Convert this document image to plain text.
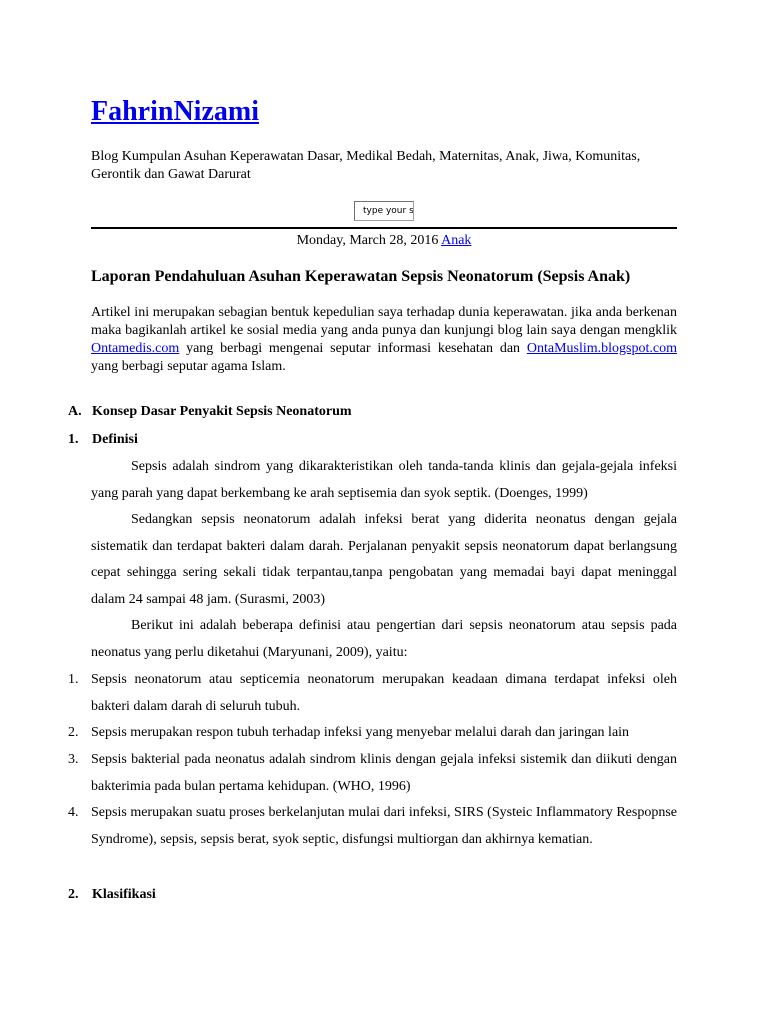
FahrinNizami
Blog Kumpulan Asuhan Keperawatan Dasar, Medikal Bedah, Maternitas, Anak, Jiwa, Komunitas, Gerontik dan Gawat Darurat
type your search
Monday, March 28, 2016 Anak
Laporan Pendahuluan Asuhan Keperawatan Sepsis Neonatorum (Sepsis Anak)
Artikel ini merupakan sebagian bentuk kepedulian saya terhadap dunia keperawatan. jika anda berkenan maka bagikanlah artikel ke sosial media yang anda punya dan kunjungi blog lain saya dengan mengklik Ontamedis.com yang berbagi mengenai seputar informasi kesehatan dan OntaMuslim.blogspot.com yang berbagi seputar agama Islam.
A. Konsep Dasar Penyakit Sepsis Neonatorum
1. Definisi
Sepsis adalah sindrom yang dikarakteristikan oleh tanda-tanda klinis dan gejala-gejala infeksi yang parah yang dapat berkembang ke arah septisemia dan syok septik. (Doenges, 1999)
Sedangkan sepsis neonatorum adalah infeksi berat yang diderita neonatus dengan gejala sistematik dan terdapat bakteri dalam darah. Perjalanan penyakit sepsis neonatorum dapat berlangsung cepat sehingga sering sekali tidak terpantau,tanpa pengobatan yang memadai bayi dapat meninggal dalam 24 sampai 48 jam. (Surasmi, 2003)
Berikut ini adalah beberapa definisi atau pengertian dari sepsis neonatorum atau sepsis pada neonatus yang perlu diketahui (Maryunani, 2009), yaitu:
1. Sepsis neonatorum atau septicemia neonatorum merupakan keadaan dimana terdapat infeksi oleh bakteri dalam darah di seluruh tubuh.
2. Sepsis merupakan respon tubuh terhadap infeksi yang menyebar melalui darah dan jaringan lain
3. Sepsis bakterial pada neonatus adalah sindrom klinis dengan gejala infeksi sistemik dan diikuti dengan bakterimia pada bulan pertama kehidupan. (WHO, 1996)
4. Sepsis merupakan suatu proses berkelanjutan mulai dari infeksi, SIRS (Systeic Inflammatory Respopnse Syndrome), sepsis, sepsis berat, syok septic, disfungsi multiorgan dan akhirnya kematian.
2. Klasifikasi
